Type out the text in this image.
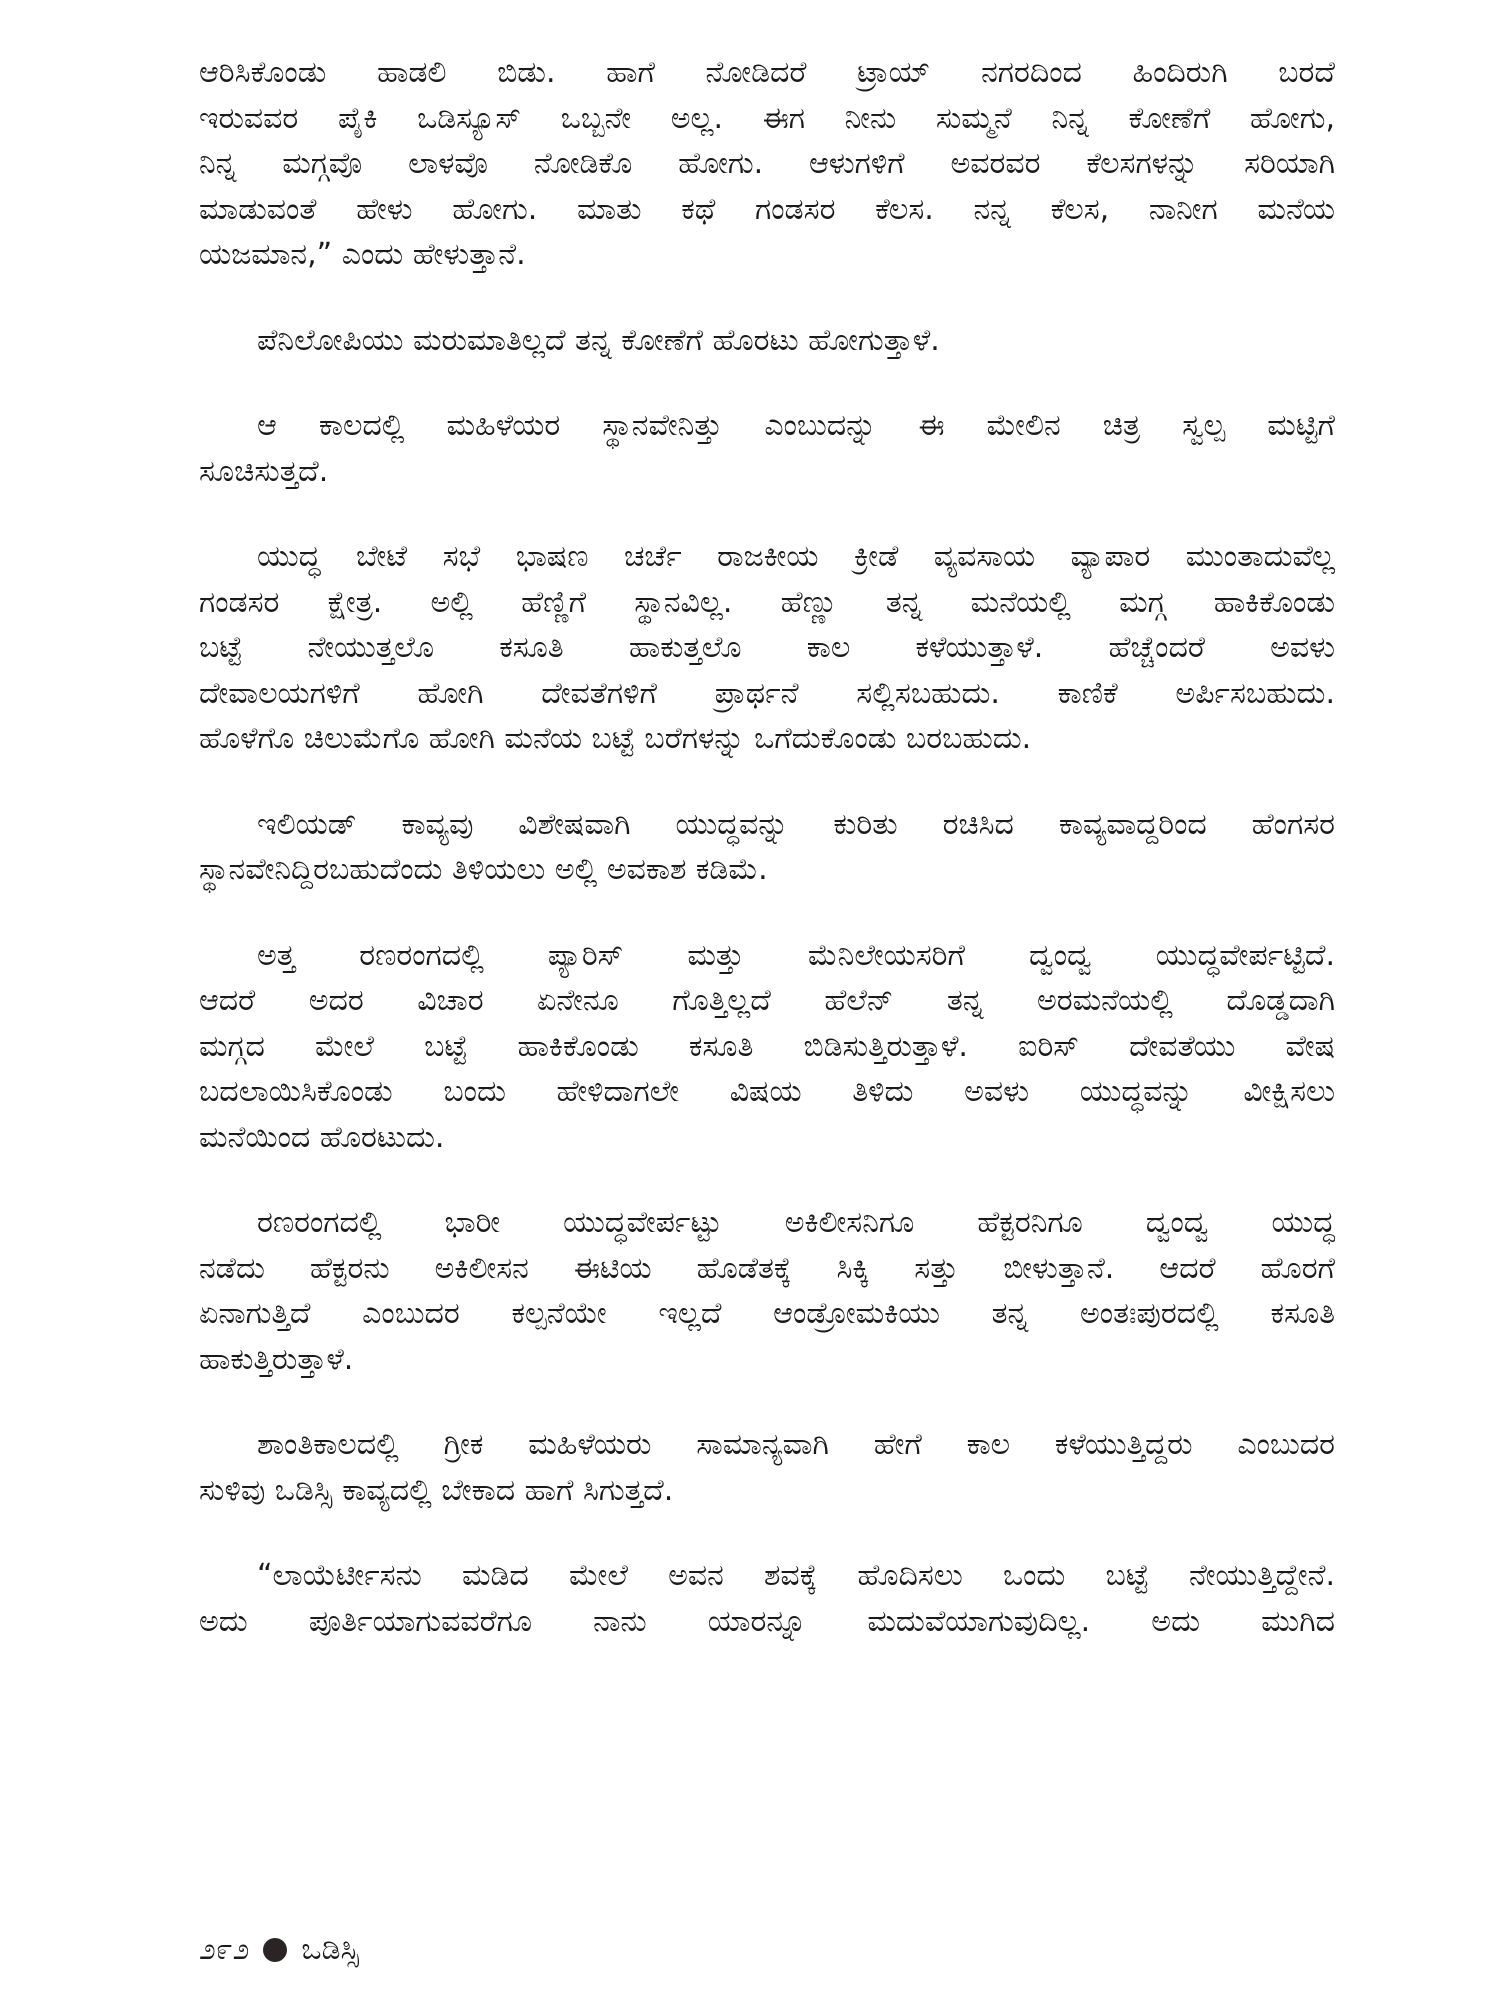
ಆರಿಸಿಕೊಂಡು ಹಾಡಲಿ ಬಿಡು. ಹಾಗೆ ನೋಡಿದರೆ ಟ್ರಾಯ್ ನಗರದಿಂದ ಹಿಂದಿರುಗಿ ಬರದೆ
ಇರುವವರ ಪೈಕಿ ಒಡಿಸ್ಯೂಸ್ ಒಬ್ಬನೇ ಅಲ್ಲ. ಈಗ ನೀನು ಸುಮ್ಮನೆ ನಿನ್ನ ಕೋಣೆಗೆ ಹೋಗು,
ನಿನ್ನ ಮಗ್ಗವೊ ಲಾಳವೊ ನೋಡಿಕೊ ಹೋಗು. ಆಳುಗಳಿಗೆ ಅವರವರ ಕೆಲಸಗಳನ್ನು ಸರಿಯಾಗಿ
ಮಾಡುವಂತೆ ಹೇಳು ಹೋಗು. ಮಾತು ಕಥೆ ಗಂಡಸರ ಕೆಲಸ. ನನ್ನ ಕೆಲಸ, ನಾನೀಗ ಮನೆಯ
ಯಜಮಾನ,” ಎಂದು ಹೇಳುತ್ತಾನೆ.
ಪೆನಿಲೋಪಿಯು ಮರುಮಾತಿಲ್ಲದೆ ತನ್ನ ಕೋಣೆಗೆ ಹೊರಟು ಹೋಗುತ್ತಾಳೆ.
ಆ ಕಾಲದಲ್ಲಿ ಮಹಿಳೆಯರ ಸ್ಥಾನವೇನಿತ್ತು ಎಂಬುದನ್ನು ಈ ಮೇಲಿನ ಚಿತ್ರ ಸ್ವಲ್ಪ ಮಟ್ಟಿಗೆ
ಸೂಚಿಸುತ್ತದೆ.
ಯುದ್ಧ ಬೇಟೆ ಸಭೆ ಭಾಷಣ ಚರ್ಚೆ ರಾಜಕೀಯ ಕ್ರೀಡೆ ವ್ಯವಸಾಯ ವ್ಯಾಪಾರ ಮುಂತಾದುವೆಲ್ಲ
ಗಂಡಸರ ಕ್ಷೇತ್ರ. ಅಲ್ಲಿ ಹೆಣ್ಣಿಗೆ ಸ್ಥಾನವಿಲ್ಲ. ಹೆಣ್ಣು ತನ್ನ ಮನೆಯಲ್ಲಿ ಮಗ್ಗ ಹಾಕಿಕೊಂಡು
ಬಟ್ಟೆ ನೇಯುತ್ತಲೊ ಕಸೂತಿ ಹಾಕುತ್ತಲೊ ಕಾಲ ಕಳೆಯುತ್ತಾಳೆ. ಹೆಚ್ಚೆಂದರೆ ಅವಳು
ದೇವಾಲಯಗಳಿಗೆ ಹೋಗಿ ದೇವತೆಗಳಿಗೆ ಪ್ರಾರ್ಥನೆ ಸಲ್ಲಿಸಬಹುದು. ಕಾಣಿಕೆ ಅರ್ಪಿಸಬಹುದು.
ಹೊಳೆಗೊ ಚಿಲುಮೆಗೊ ಹೋಗಿ ಮನೆಯ ಬಟ್ಟೆ ಬರೆಗಳನ್ನು ಒಗೆದುಕೊಂಡು ಬರಬಹುದು.
ಇಲಿಯಡ್ ಕಾವ್ಯವು ವಿಶೇಷವಾಗಿ ಯುದ್ಧವನ್ನು ಕುರಿತು ರಚಿಸಿದ ಕಾವ್ಯವಾದ್ದರಿಂದ ಹೆಂಗಸರ
ಸ್ಥಾನವೇನಿದ್ದಿರಬಹುದೆಂದು ತಿಳಿಯಲು ಅಲ್ಲಿ ಅವಕಾಶ ಕಡಿಮೆ.
ಅತ್ತ ರಣರಂಗದಲ್ಲಿ ಪ್ಯಾರಿಸ್ ಮತ್ತು ಮೆನಿಲೇಯಸರಿಗೆ ದ್ವಂದ್ವ ಯುದ್ಧವೇರ್ಪಟ್ಟಿದೆ.
ಆದರೆ ಅದರ ವಿಚಾರ ಏನೇನೂ ಗೊತ್ತಿಲ್ಲದೆ ಹೆಲೆನ್ ತನ್ನ ಅರಮನೆಯಲ್ಲಿ ದೊಡ್ಡದಾಗಿ
ಮಗ್ಗದ ಮೇಲೆ ಬಟ್ಟೆ ಹಾಕಿಕೊಂಡು ಕಸೂತಿ ಬಿಡಿಸುತ್ತಿರುತ್ತಾಳೆ. ಐರಿಸ್ ದೇವತೆಯು ವೇಷ
ಬದಲಾಯಿಸಿಕೊಂಡು ಬಂದು ಹೇಳಿದಾಗಲೇ ವಿಷಯ ತಿಳಿದು ಅವಳು ಯುದ್ಧವನ್ನು ವೀಕ್ಷಿಸಲು
ಮನೆಯಿಂದ ಹೊರಟುದು.
ರಣರಂಗದಲ್ಲಿ ಭಾರೀ ಯುದ್ಧವೇರ್ಪಟ್ಟು ಅಕಿಲೀಸನಿಗೂ ಹೆಕ್ಟರನಿಗೂ ದ್ವಂದ್ವ ಯುದ್ಧ
ನಡೆದು ಹೆಕ್ಟರನು ಅಕಿಲೀಸನ ಈಟಿಯ ಹೊಡೆತಕ್ಕೆ ಸಿಕ್ಕಿ ಸತ್ತು ಬೀಳುತ್ತಾನೆ. ಆದರೆ ಹೊರಗೆ
ಏನಾಗುತ್ತಿದೆ ಎಂಬುದರ ಕಲ್ಪನೆಯೇ ಇಲ್ಲದೆ ಆಂಡ್ರೋಮಕಿಯು ತನ್ನ ಅಂತಃಪುರದಲ್ಲಿ ಕಸೂತಿ
ಹಾಕುತ್ತಿರುತ್ತಾಳೆ.
ಶಾಂತಿಕಾಲದಲ್ಲಿ ಗ್ರೀಕ ಮಹಿಳೆಯರು ಸಾಮಾನ್ಯವಾಗಿ ಹೇಗೆ ಕಾಲ ಕಳೆಯುತ್ತಿದ್ದರು ಎಂಬುದರ
ಸುಳಿವು ಒಡಿಸ್ಸಿ ಕಾವ್ಯದಲ್ಲಿ ಬೇಕಾದ ಹಾಗೆ ಸಿಗುತ್ತದೆ.
“ಲಾಯೆರ್ಟೀಸನು ಮಡಿದ ಮೇಲೆ ಅವನ ಶವಕ್ಕೆ ಹೊದಿಸಲು ಒಂದು ಬಟ್ಟೆ ನೇಯುತ್ತಿದ್ದೇನೆ.
ಅದು ಪೂರ್ತಿಯಾಗುವವರೆಗೂ ನಾನು ಯಾರನ್ನೂ ಮದುವೆಯಾಗುವುದಿಲ್ಲ. ಅದು ಮುಗಿದ
೨೯೨ ಒಡಿಸ್ಸಿ
